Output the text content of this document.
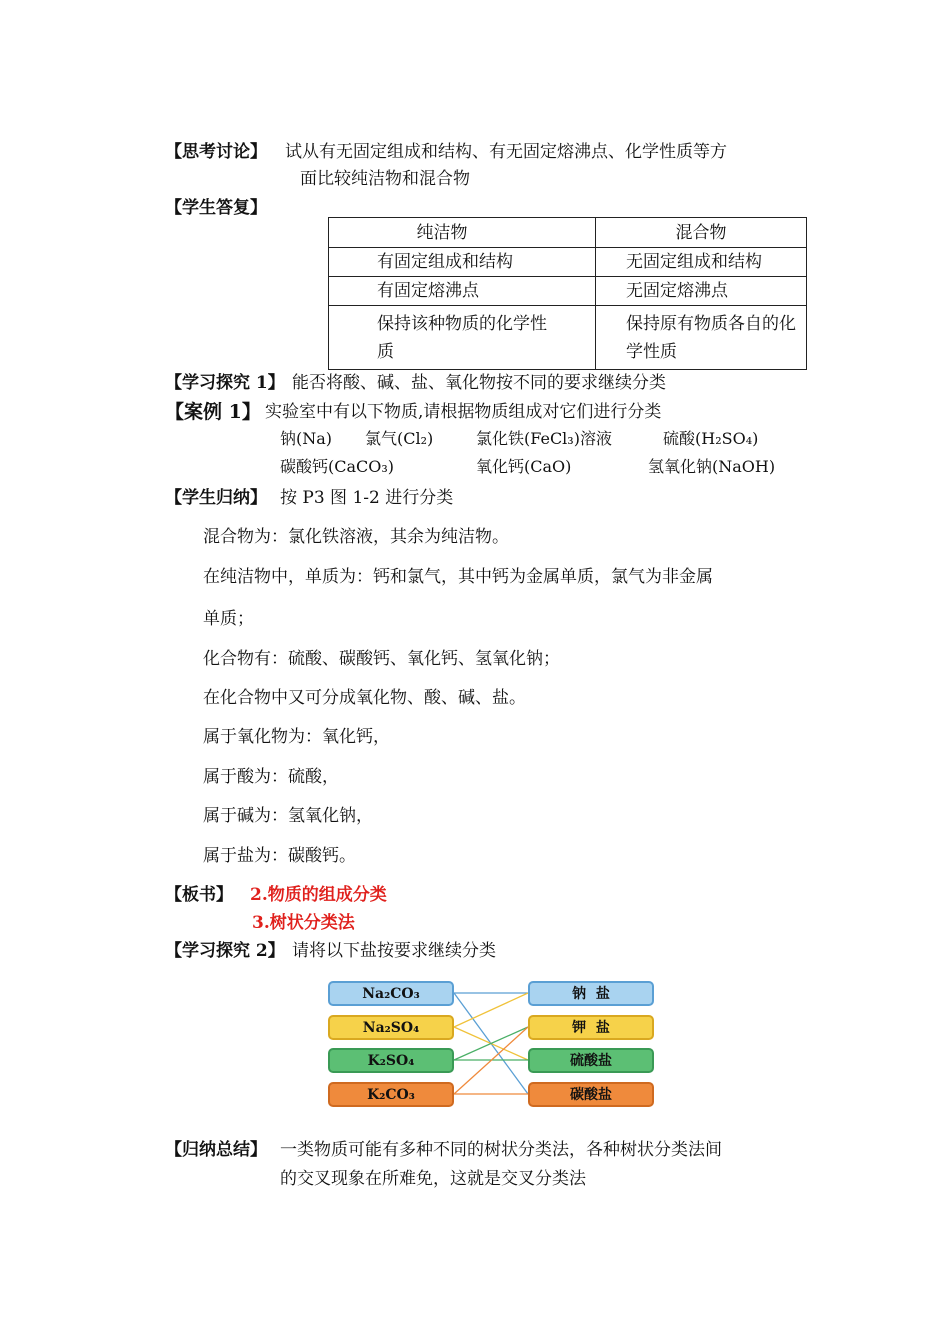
【思考讨论】 试从有无固定组成和结构、有无固定熔沸点、化学性质等方
面比较纯洁物和混合物
【学生答复】
纯洁物	混合物

有固定组成和结构	无固定组成和结构

有固定熔沸点	无固定熔沸点

保持该种物质的化学性质	保持原有物质各自的化学性质
【学习探究 1】 能否将酸、碱、盐、氧化物按不同的要求继续分类
【案例 1】 实验室中有以下物质,请根据物质组成对它们进行分类
钠(Na) 氯气(Cl₂)	氯化铁(FeCl₃)溶液	硫酸(H₂SO₄)
碳酸钙(CaCO₃)	氧化钙(CaO)	氢氧化钠(NaOH)
【学生归纳】 按 P3 图 1-2 进行分类
混合物为：氯化铁溶液，其余为纯洁物。
在纯洁物中，单质为：钙和氯气，其中钙为金属单质，氯气为非金属
单质；
化合物有：硫酸、碳酸钙、氧化钙、氢氧化钠；
在化合物中又可分成氧化物、酸、碱、盐。
属于氧化物为：氧化钙，
属于酸为：硫酸，
属于碱为：氢氧化钠，
属于盐为：碳酸钙。
【板书】 2.物质的组成分类
3.树状分类法
【学习探究 2】 请将以下盐按要求继续分类
Na₂CO₃
Na₂SO₄
K₂SO₄
K₂CO₃
钠  盐
钾  盐
硫酸盐
碳酸盐
【归纳总结】 一类物质可能有多种不同的树状分类法，各种树状分类法间
的交叉现象在所难免，这就是交叉分类法
